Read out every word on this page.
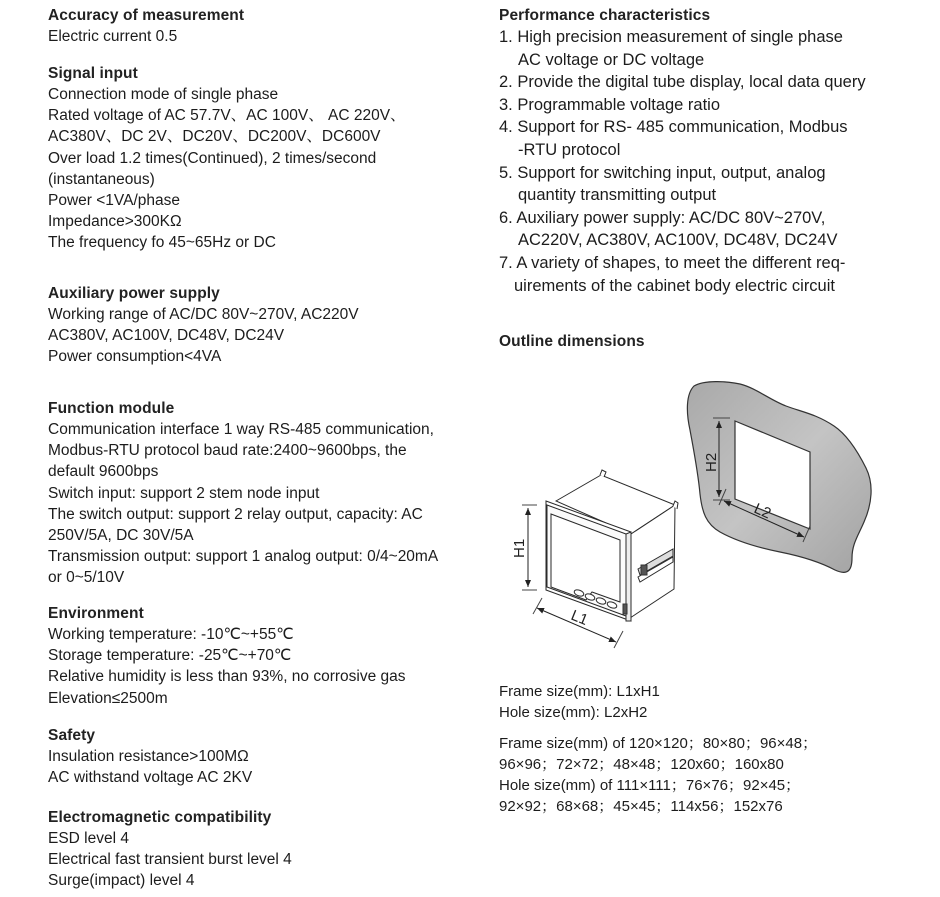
Accuracy of measurement
Electric current 0.5
Signal input
Connection mode of single phase
Rated voltage of AC 57.7V、AC 100V、 AC 220V、
AC380V、DC 2V、DC20V、DC200V、DC600V
Over load 1.2 times(Continued), 2 times/second
(instantaneous)
Power <1VA/phase
Impedance>300KΩ
The frequency fo 45~65Hz or DC
Auxiliary power supply
Working range of AC/DC 80V~270V, AC220V
AC380V, AC100V, DC48V, DC24V
Power consumption<4VA
Function module
Communication interface 1 way RS-485 communication,
Modbus-RTU protocol baud rate:2400~9600bps, the
default 9600bps
Switch input: support 2 stem node input
The switch output: support 2 relay output, capacity: AC
250V/5A, DC 30V/5A
Transmission output: support 1 analog output: 0/4~20mA
or 0~5/10V
Environment
Working temperature: -10℃~+55℃
Storage temperature: -25℃~+70℃
Relative humidity is less than 93%, no corrosive gas
Elevation≤2500m
Safety
Insulation resistance>100MΩ
AC withstand voltage AC 2KV
Electromagnetic compatibility
ESD level 4
Electrical fast transient burst level 4
Surge(impact) level 4
Performance characteristics
1. High precision measurement of single phase
AC voltage or DC voltage
2. Provide the digital tube display, local data query
3. Programmable voltage ratio
4. Support for RS- 485 communication, Modbus
-RTU protocol
5. Support for switching input, output, analog
quantity transmitting output
6. Auxiliary power supply: AC/DC 80V~270V,
AC220V, AC380V, AC100V, DC48V, DC24V
7. A variety of shapes, to meet the different req-
uirements of the cabinet body electric circuit
Outline dimensions
Frame size(mm): L1xH1
Hole size(mm): L2xH2
Frame size(mm) of 120×120；80×80；96×48；
96×96；72×72；48×48；120x60；160x80
Hole size(mm) of 111×111；76×76；92×45；
92×92；68×68；45×45；114x56；152x76
H2
L2
H1
L1
